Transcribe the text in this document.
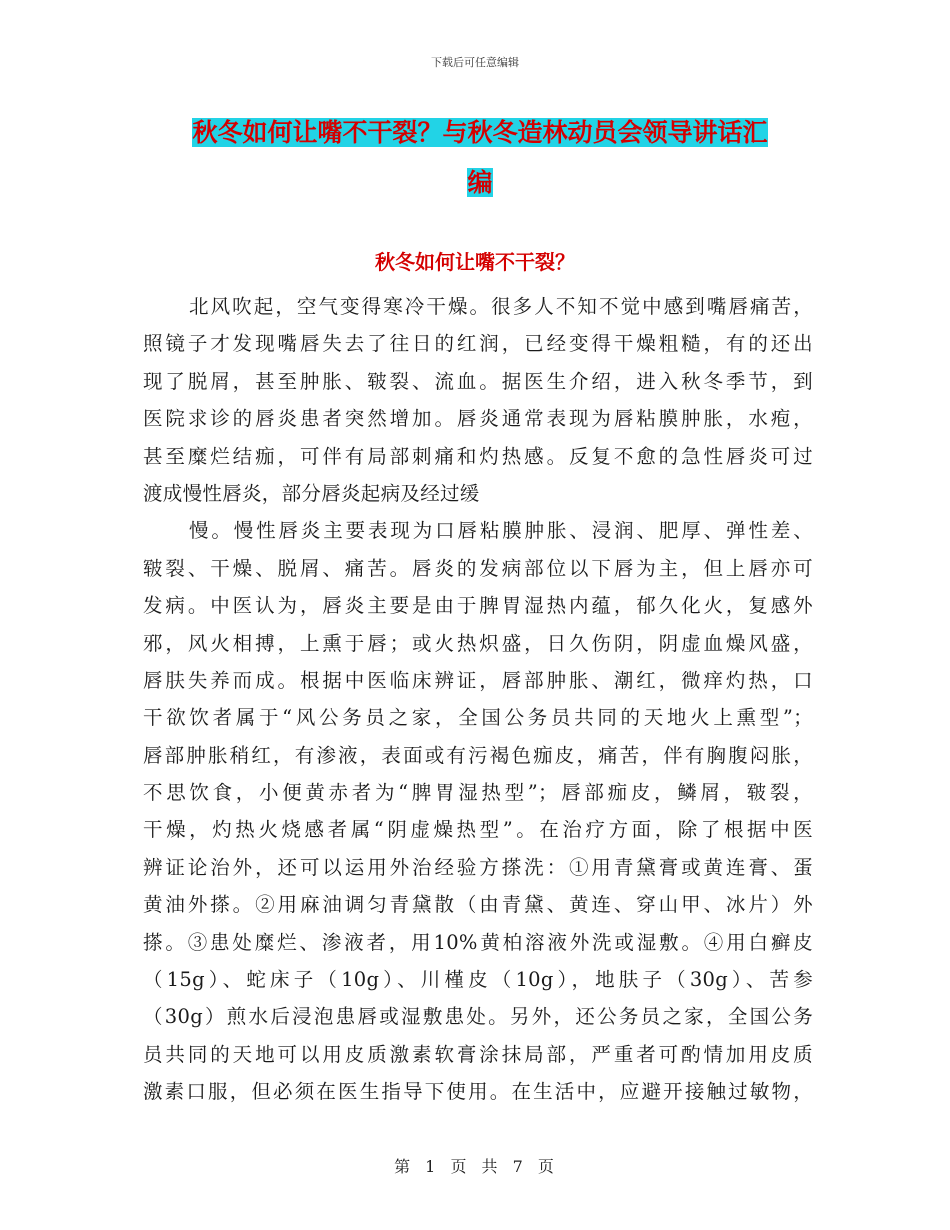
下载后可任意编辑
秋冬如何让嘴不干裂？与秋冬造林动员会领导讲话汇
编
秋冬如何让嘴不干裂？
北风吹起，空气变得寒冷干燥。很多人不知不觉中感到嘴唇痛苦，
照镜子才发现嘴唇失去了往日的红润，已经变得干燥粗糙，有的还出
现了脱屑，甚至肿胀、皲裂、流血。据医生介绍，进入秋冬季节，到
医院求诊的唇炎患者突然增加。唇炎通常表现为唇粘膜肿胀，水疱，
甚至糜烂结痂，可伴有局部刺痛和灼热感。反复不愈的急性唇炎可过
渡成慢性唇炎，部分唇炎起病及经过缓
慢。慢性唇炎主要表现为口唇粘膜肿胀、浸润、肥厚、弹性差、
皲裂、干燥、脱屑、痛苦。唇炎的发病部位以下唇为主，但上唇亦可
发病。中医认为，唇炎主要是由于脾胃湿热内蕴，郁久化火，复感外
邪，风火相搏，上熏于唇；或火热炽盛，日久伤阴，阴虚血燥风盛，
唇肤失养而成。根据中医临床辨证，唇部肿胀、潮红，微痒灼热，口
干欲饮者属于“风公务员之家，全国公务员共同的天地火上熏型”；
唇部肿胀稍红，有渗液，表面或有污褐色痂皮，痛苦，伴有胸腹闷胀，
不思饮食，小便黄赤者为“脾胃湿热型”；唇部痂皮，鳞屑，皲裂，
干燥，灼热火烧感者属“阴虚燥热型”。在治疗方面，除了根据中医
辨证论治外，还可以运用外治经验方搽洗：①用青黛膏或黄连膏、蛋
黄油外搽。②用麻油调匀青黛散（由青黛、黄连、穿山甲、冰片）外
搽。③患处糜烂、渗液者，用10%黄柏溶液外洗或湿敷。④用白癣皮
（15g）、蛇床子（10g）、川槿皮（10g），地肤子（30g）、苦参
（30g）煎水后浸泡患唇或湿敷患处。另外，还公务员之家，全国公务
员共同的天地可以用皮质激素软膏涂抹局部，严重者可酌情加用皮质
激素口服，但必须在医生指导下使用。在生活中，应避开接触过敏物，
第 1 页 共 7 页
